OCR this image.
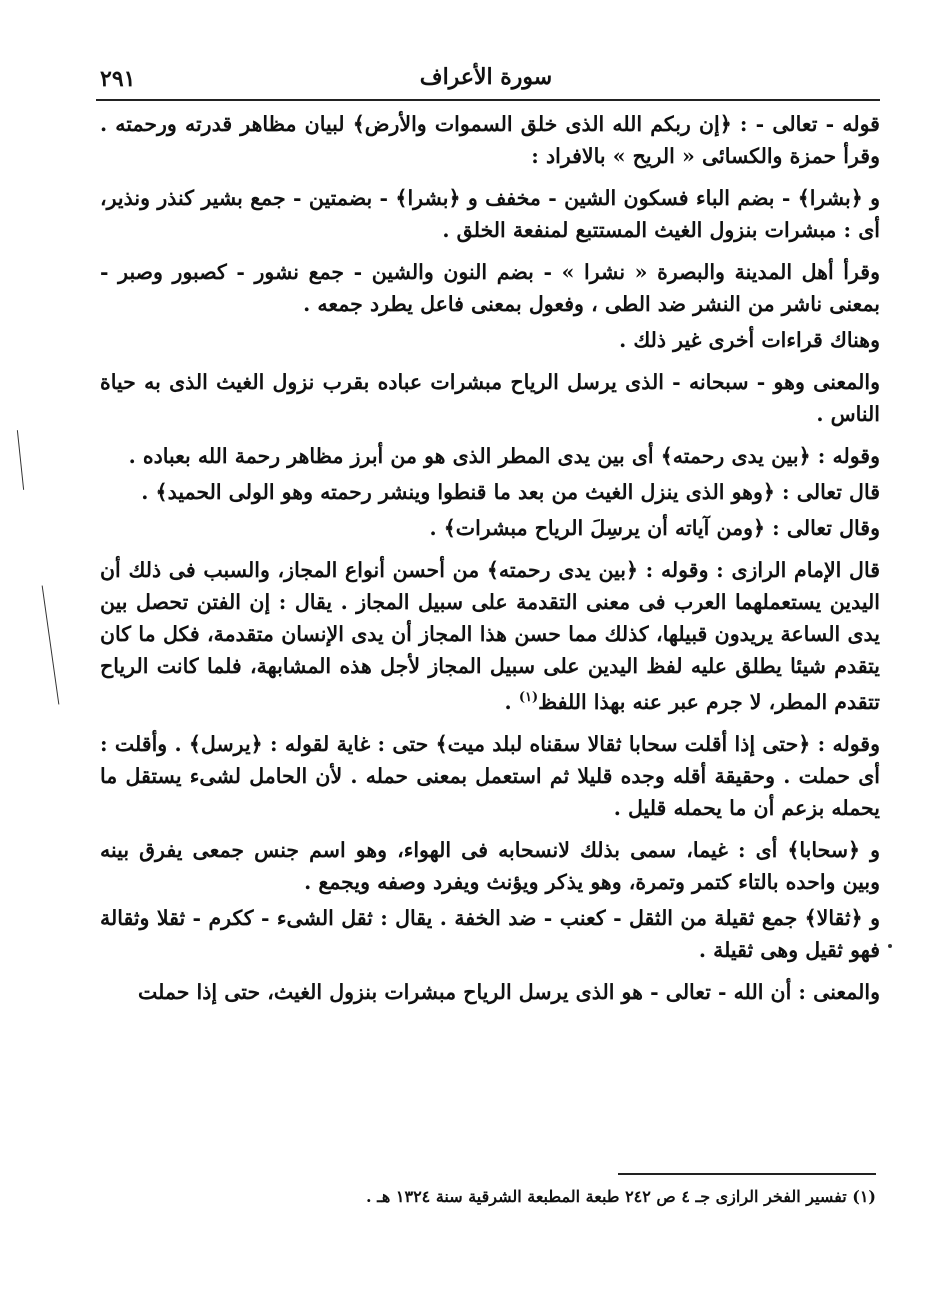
سورة الأعراف
٢٩١

قوله - تعالى - : ﴿إن ربكم الله الذى خلق السموات والأرض﴾ لبيان مظاهر قدرته ورحمته . وقرأ حمزة والكسائى « الريح » بالافراد :

و ﴿بشرا﴾ - بضم الباء فسكون الشين - مخفف و ﴿بشرا﴾ - بضمتين - جمع بشير كنذر ونذير، أى : مبشرات بنزول الغيث المستتبع لمنفعة الخلق .

وقرأ أهل المدينة والبصرة « نشرا » - بضم النون والشين - جمع نشور - كصبور وصبر - بمعنى ناشر من النشر ضد الطى ، وفعول بمعنى فاعل يطرد جمعه .

وهناك قراءات أخرى غير ذلك .

والمعنى وهو - سبحانه - الذى يرسل الرياح مبشرات عباده بقرب نزول الغيث الذى به حياة الناس .

وقوله : ﴿بين يدى رحمته﴾ أى بين يدى المطر الذى هو من أبرز مظاهر رحمة الله بعباده .

قال تعالى : ﴿وهو الذى ينزل الغيث من بعد ما قنطوا وينشر رحمته وهو الولى الحميد﴾ .

وقال تعالى : ﴿ومن آياته أن يرسِلَ الرياح مبشرات﴾ .

قال الإمام الرازى : وقوله : ﴿بين يدى رحمته﴾ من أحسن أنواع المجاز، والسبب فى ذلك أن اليدين يستعملهما العرب فى معنى التقدمة على سبيل المجاز . يقال : إن الفتن تحصل بين يدى الساعة يريدون قبيلها، كذلك مما حسن هذا المجاز أن يدى الإنسان متقدمة، فكل ما كان يتقدم شيئا يطلق عليه لفظ اليدين على سبيل المجاز لأجل هذه المشابهة، فلما كانت الرياح تتقدم المطر، لا جرم عبر عنه بهذا اللفظ$^{(١)}$ .

وقوله : ﴿حتى إذا أقلت سحابا ثقالا سقناه لبلد ميت﴾ حتى : غاية لقوله : ﴿يرسل﴾ . وأقلت : أى حملت . وحقيقة أقله وجده قليلا ثم استعمل بمعنى حمله . لأن الحامل لشىء يستقل ما يحمله بزعم أن ما يحمله قليل .

و ﴿سحابا﴾ أى : غيما، سمى بذلك لانسحابه فى الهواء، وهو اسم جنس جمعى يفرق بينه وبين واحده بالتاء كتمر وتمرة، وهو يذكر ويؤنث ويفرد وصفه ويجمع .

و ﴿ثقالا﴾ جمع ثقيلة من الثقل - كعنب - ضد الخفة . يقال : ثقل الشىء - ككرم - ثقلا وثقالة فهو ثقيل وهى ثقيلة .

والمعنى : أن الله - تعالى - هو الذى يرسل الرياح مبشرات بنزول الغيث، حتى إذا حملت

(١) تفسير الفخر الرازى جـ ٤ ص ٢٤٢ طبعة المطبعة الشرقية سنة ١٣٢٤ هـ .
